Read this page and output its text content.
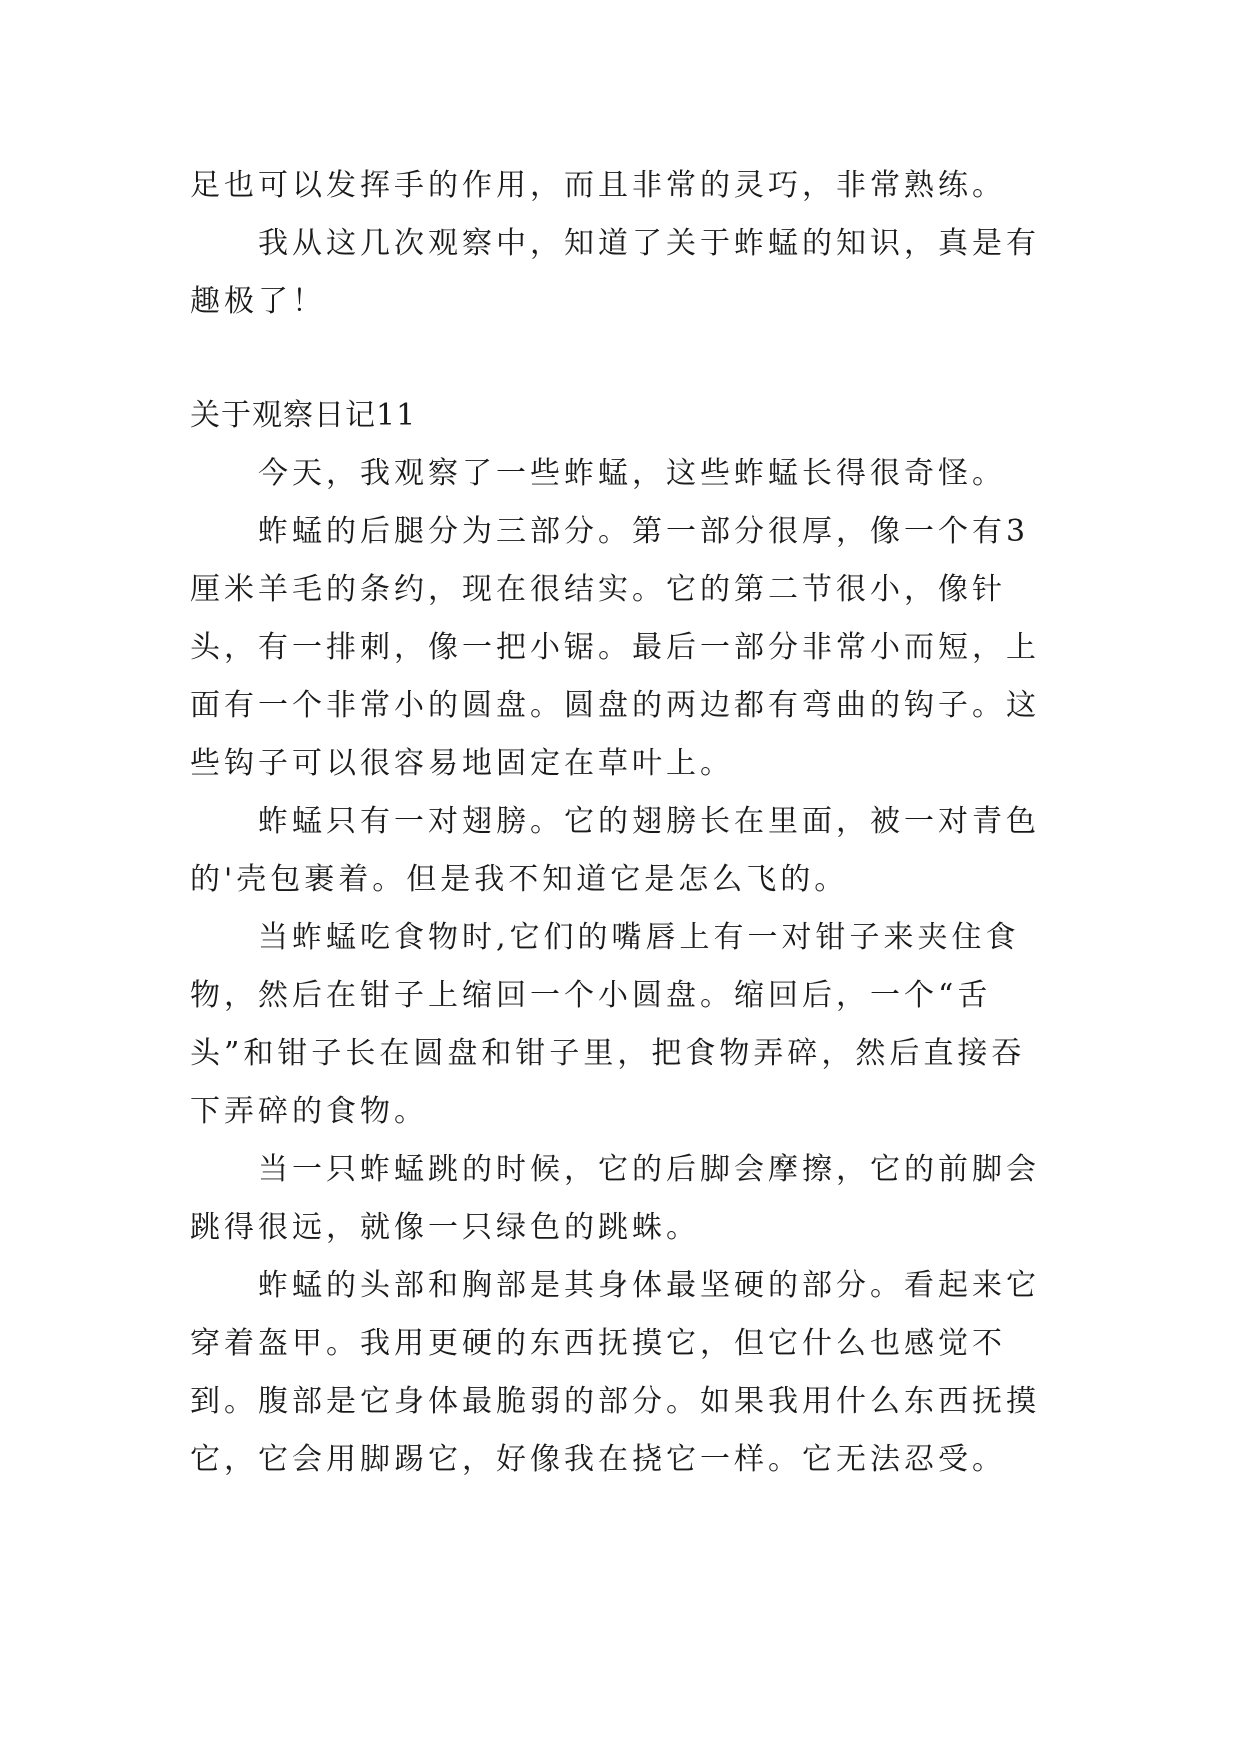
足也可以发挥手的作用，而且非常的灵巧，非常熟练。

我从这几次观察中，知道了关于蚱蜢的知识，真是有趣极了！

关于观察日记11

今天，我观察了一些蚱蜢，这些蚱蜢长得很奇怪。

蚱蜢的后腿分为三部分。第一部分很厚，像一个有3厘米羊毛的条约，现在很结实。它的第二节很小，像针头，有一排刺，像一把小锯。最后一部分非常小而短，上面有一个非常小的圆盘。圆盘的两边都有弯曲的钩子。这些钩子可以很容易地固定在草叶上。

蚱蜢只有一对翅膀。它的翅膀长在里面，被一对青色的'壳包裹着。但是我不知道它是怎么飞的。

当蚱蜢吃食物时,它们的嘴唇上有一对钳子来夹住食物，然后在钳子上缩回一个小圆盘。缩回后，一个“舌头”和钳子长在圆盘和钳子里，把食物弄碎，然后直接吞下弄碎的食物。

当一只蚱蜢跳的时候，它的后脚会摩擦，它的前脚会跳得很远，就像一只绿色的跳蛛。

蚱蜢的头部和胸部是其身体最坚硬的部分。看起来它穿着盔甲。我用更硬的东西抚摸它，但它什么也感觉不到。腹部是它身体最脆弱的部分。如果我用什么东西抚摸它，它会用脚踢它，好像我在挠它一样。它无法忍受。
